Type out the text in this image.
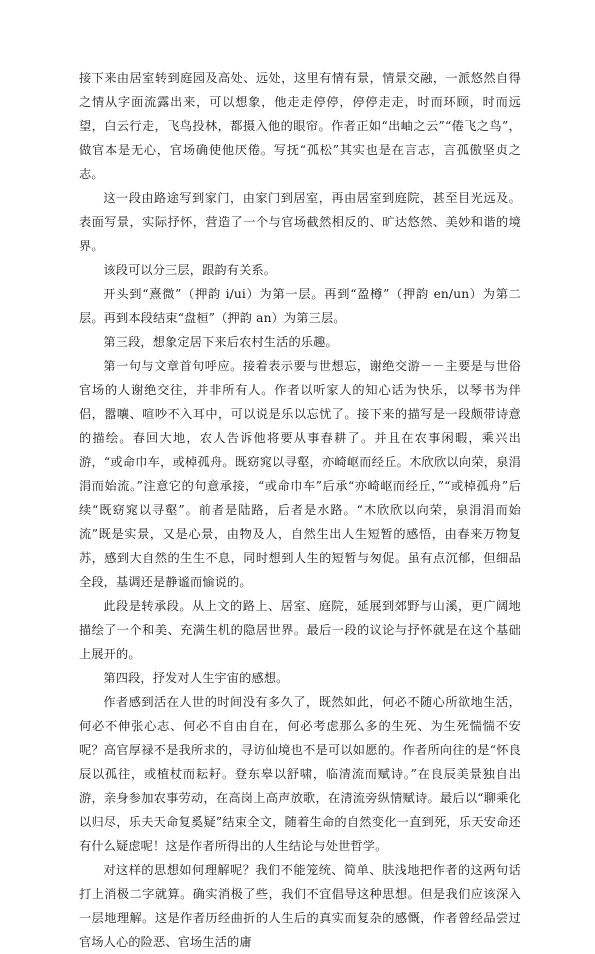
接下来由居室转到庭园及高处、远处，这里有情有景，情景交融，一派悠然自得之情从字面流露出来，可以想象，他走走停停，停停走走，时而环顾，时而远望，白云行走，飞鸟投林，都摄入他的眼帘。作者正如“出岫之云”“倦飞之鸟”，做官本是无心，官场确使他厌倦。写抚“孤松”其实也是在言志，言孤傲坚贞之志。

这一段由路途写到家门，由家门到居室，再由居室到庭院，甚至目光远及。表面写景，实际抒怀，营造了一个与官场截然相反的、旷达悠然、美妙和谐的境界。

该段可以分三层，跟韵有关系。

开头到“熹微”（押韵 i/ui）为第一层。再到“盈樽”（押韵 en/un）为第二层。再到本段结束“盘桓”（押韵 an）为第三层。

第三段，想象定居下来后农村生活的乐趣。

第一句与文章首句呼应。接着表示要与世想忘，谢绝交游－－主要是与世俗官场的人谢绝交往，并非所有人。作者以听家人的知心话为快乐，以琴书为伴侣，嚣嚷、喧吵不入耳中，可以说是乐以忘忧了。接下来的描写是一段颇带诗意的描绘。春回大地，农人告诉他将要从事春耕了。并且在农事闲暇，乘兴出游，“或命巾车，或棹孤舟。既窈窕以寻壑，亦崎岖而经丘。木欣欣以向荣，泉涓涓而始流。”注意它的句意承接，“或命巾车”后承“亦崎岖而经丘，”“或棹孤舟”后续“既窈窕以寻壑”。前者是陆路，后者是水路。“木欣欣以向荣，泉涓涓而始流”既是实景，又是心景，由物及人，自然生出人生短暂的感悟，由春来万物复苏，感到大自然的生生不息，同时想到人生的短暂与匆促。虽有点沉郁，但细品全段，基调还是静谧而愉说的。

此段是转承段。从上文的路上、居室、庭院，延展到郊野与山溪，更广阔地描绘了一个和美、充满生机的隐居世界。最后一段的议论与抒怀就是在这个基础上展开的。

第四段，抒发对人生宇宙的感想。

作者感到活在人世的时间没有多久了，既然如此，何必不随心所欲地生活，何必不伸张心志、何必不自由自在，何必考虑那么多的生死、为生死惴惴不安呢？高官厚禄不是我所求的，寻访仙境也不是可以如愿的。作者所向往的是“怀良辰以孤往，或植杖而耘耔。登东皋以舒啸，临清流而赋诗。”在良辰美景独自出游，亲身参加农事劳动，在高岗上高声放歌，在清流旁纵情赋诗。最后以“聊乘化以归尽，乐夫天命复奚疑”结束全文，随着生命的自然变化一直到死，乐天安命还有什么疑虑呢！这是作者所得出的人生结论与处世哲学。

对这样的思想如何理解呢？我们不能笼统、简单、肤浅地把作者的这两句话打上消极二字就算。确实消极了些，我们不宜倡导这种思想。但是我们应该深入一层地理解。这是作者历经曲折的人生后的真实而复杂的感慨，作者曾经品尝过官场人心的险恶、官场生活的庸
